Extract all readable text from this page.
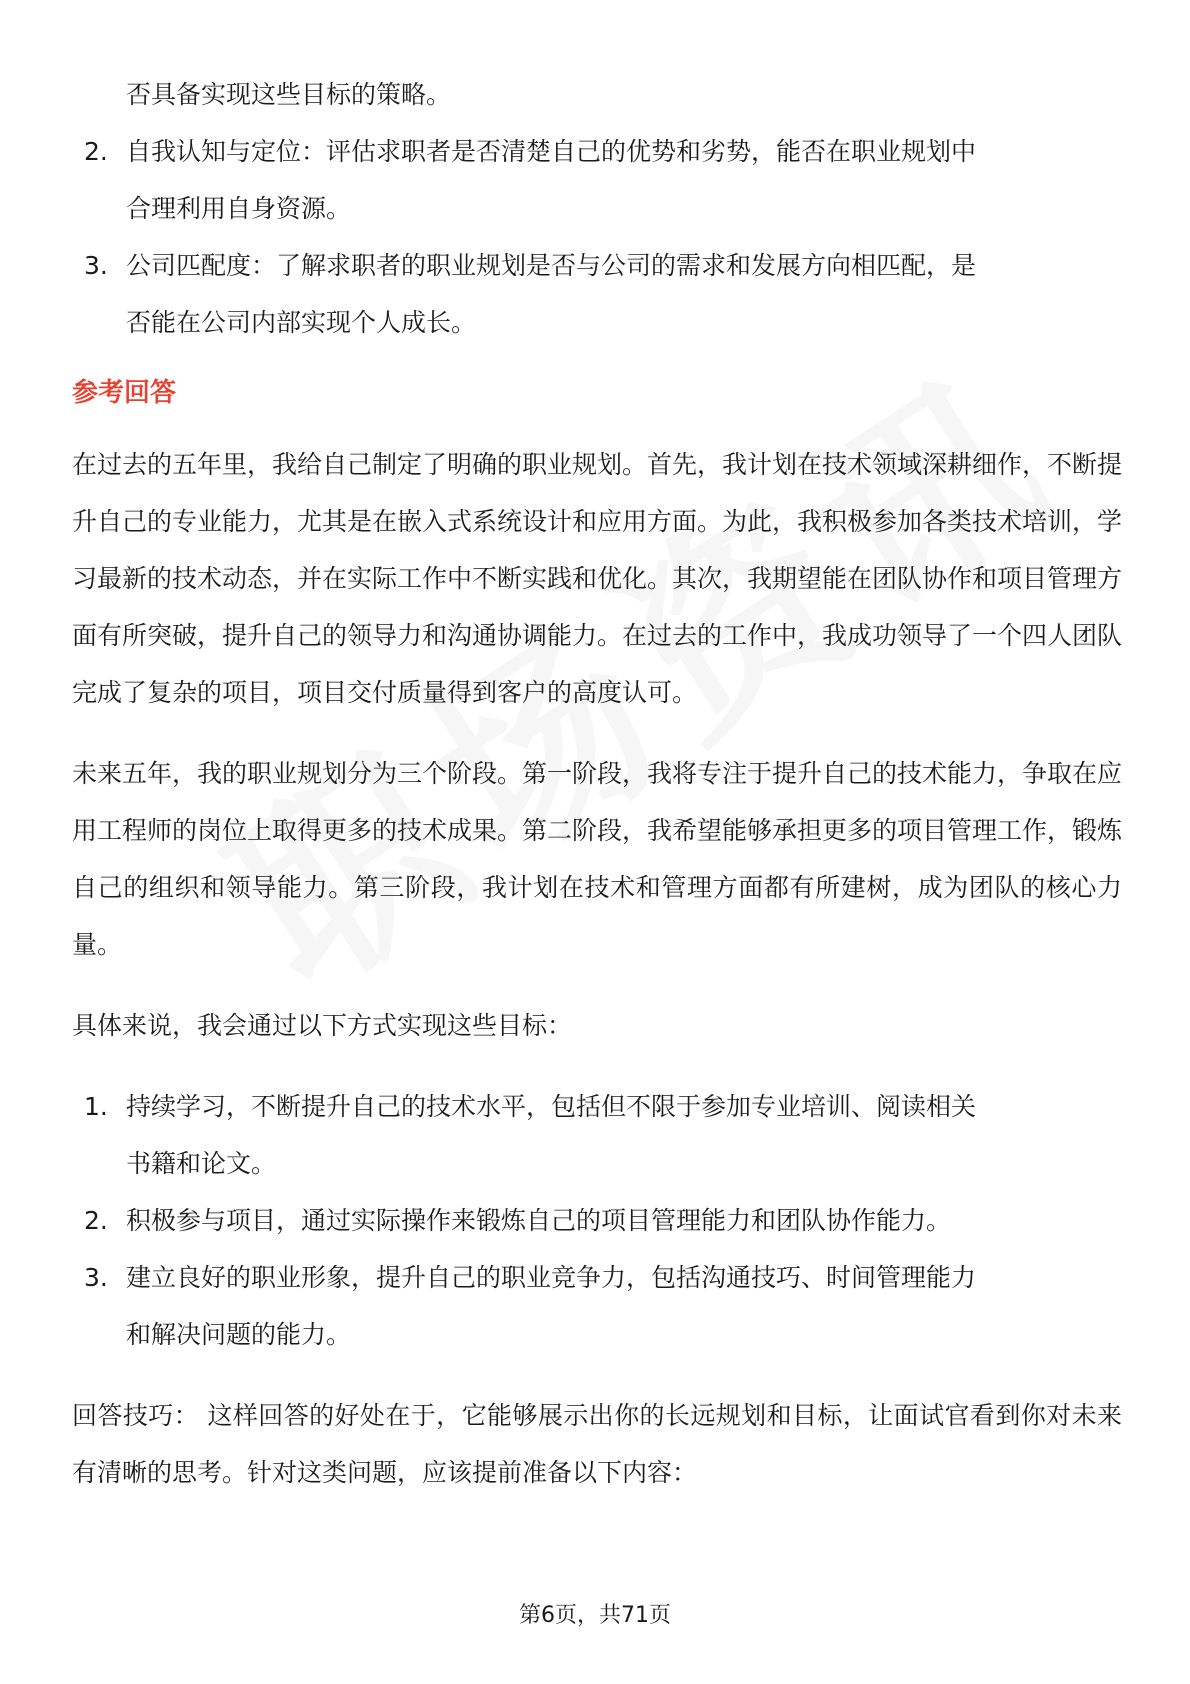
否具备实现这些目标的策略。
2. 自我认知与定位：评估求职者是否清楚自己的优势和劣势，能否在职业规划中
合理利用自身资源。
3. 公司匹配度：了解求职者的职业规划是否与公司的需求和发展方向相匹配，是
否能在公司内部实现个人成长。
参考回答

在过去的五年里，我给自己制定了明确的职业规划。首先，我计划在技术领域深耕细作，不断提升自己的专业能力，尤其是在嵌入式系统设计和应用方面。为此，我积极参加各类技术培训，学习最新的技术动态，并在实际工作中不断实践和优化。其次，我期望能在团队协作和项目管理方面有所突破，提升自己的领导力和沟通协调能力。在过去的工作中，我成功领导了一个四人团队完成了复杂的项目，项目交付质量得到客户的高度认可。

未来五年，我的职业规划分为三个阶段。第一阶段，我将专注于提升自己的技术能力，争取在应用工程师的岗位上取得更多的技术成果。第二阶段，我希望能够承担更多的项目管理工作，锻炼自己的组织和领导能力。第三阶段，我计划在技术和管理方面都有所建树，成为团队的核心力量。

具体来说，我会通过以下方式实现这些目标：

1. 持续学习，不断提升自己的技术水平，包括但不限于参加专业培训、阅读相关
书籍和论文。
2. 积极参与项目，通过实际操作来锻炼自己的项目管理能力和团队协作能力。
3. 建立良好的职业形象，提升自己的职业竞争力，包括沟通技巧、时间管理能力
和解决问题的能力。

回答技巧： 这样回答的好处在于，它能够展示出你的长远规划和目标，让面试官看到你对未来有清晰的思考。针对这类问题，应该提前准备以下内容：

第6页，共71页
